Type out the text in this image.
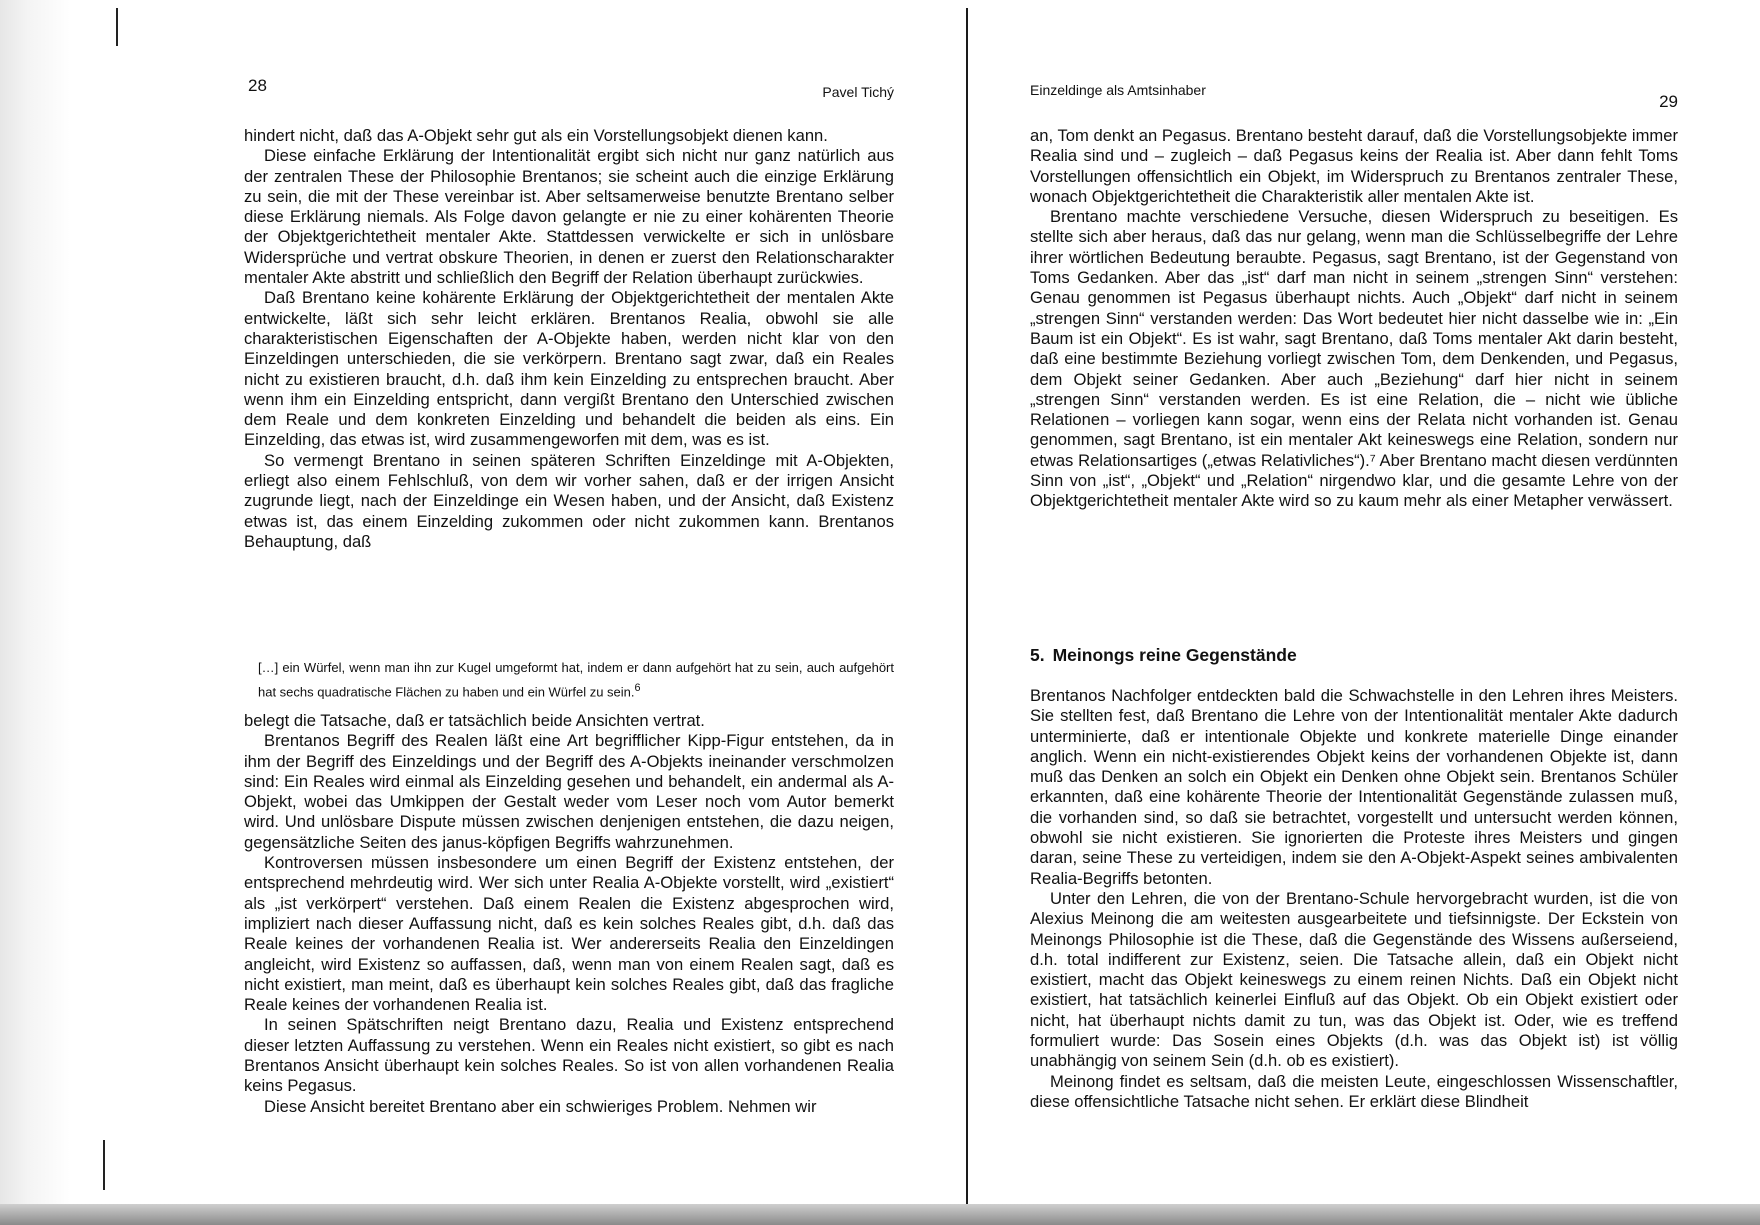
28	Pavel Tichý

hindert nicht, daß das A-Objekt sehr gut als ein Vorstellungsobjekt dienen kann.

Diese einfache Erklärung der Intentionalität ergibt sich nicht nur ganz natürlich aus der zentralen These der Philosophie Brentanos; sie scheint auch die einzige Erklärung zu sein, die mit der These vereinbar ist. Aber seltsamerweise benutzte Brentano selber diese Erklärung niemals. Als Folge davon gelangte er nie zu einer kohärenten Theorie der Objektgerichtetheit mentaler Akte. Stattdessen verwickelte er sich in unlösbare Widersprüche und vertrat obskure Theorien, in denen er zuerst den Relationscharakter mentaler Akte abstritt und schließlich den Begriff der Relation überhaupt zurückwies.

Daß Brentano keine kohärente Erklärung der Objektgerichtetheit der mentalen Akte entwickelte, läßt sich sehr leicht erklären. Brentanos Realia, obwohl sie alle charakteristischen Eigenschaften der A-Objekte haben, werden nicht klar von den Einzeldingen unterschieden, die sie verkörpern. Brentano sagt zwar, daß ein Reales nicht zu existieren braucht, d.h. daß ihm kein Einzelding zu entsprechen braucht. Aber wenn ihm ein Einzelding entspricht, dann vergißt Brentano den Unterschied zwischen dem Reale und dem konkreten Einzelding und behandelt die beiden als eins. Ein Einzelding, das etwas ist, wird zusammengeworfen mit dem, was es ist.

So vermengt Brentano in seinen späteren Schriften Einzeldinge mit A-Objekten, erliegt also einem Fehlschluß, von dem wir vorher sahen, daß er der irrigen Ansicht zugrunde liegt, nach der Einzeldinge ein Wesen haben, und der Ansicht, daß Existenz etwas ist, das einem Einzelding zukommen oder nicht zukommen kann. Brentanos Behauptung, daß

[…] ein Würfel, wenn man ihn zur Kugel umgeformt hat, indem er dann aufgehört hat zu sein, auch aufgehört hat sechs quadratische Flächen zu haben und ein Würfel zu sein.$^6$

belegt die Tatsache, daß er tatsächlich beide Ansichten vertrat.

Brentanos Begriff des Realen läßt eine Art begrifflicher Kipp-Figur entstehen, da in ihm der Begriff des Einzeldings und der Begriff des A-Objekts ineinander verschmolzen sind: Ein Reales wird einmal als Einzelding gesehen und behandelt, ein andermal als A-Objekt, wobei das Umkippen der Gestalt weder vom Leser noch vom Autor bemerkt wird. Und unlösbare Dispute müssen zwischen denjenigen entstehen, die dazu neigen, gegensätzliche Seiten des janus-köpfigen Begriffs wahrzunehmen.

Kontroversen müssen insbesondere um einen Begriff der Existenz entstehen, der entsprechend mehrdeutig wird. Wer sich unter Realia A-Objekte vorstellt, wird „existiert“ als „ist verkörpert“ verstehen. Daß einem Realen die Existenz abgesprochen wird, impliziert nach dieser Auffassung nicht, daß es kein solches Reales gibt, d.h. daß das Reale keines der vorhandenen Realia ist. Wer andererseits Realia den Einzeldingen angleicht, wird Existenz so auffassen, daß, wenn man von einem Realen sagt, daß es nicht existiert, man meint, daß es überhaupt kein solches Reales gibt, daß das fragliche Reale keines der vorhandenen Realia ist.

In seinen Spätschriften neigt Brentano dazu, Realia und Existenz entsprechend dieser letzten Auffassung zu verstehen. Wenn ein Reales nicht existiert, so gibt es nach Brentanos Ansicht überhaupt kein solches Reales. So ist von allen vorhandenen Realia keins Pegasus.

Diese Ansicht bereitet Brentano aber ein schwieriges Problem. Nehmen wir

Einzeldinge als Amtsinhaber
29

an, Tom denkt an Pegasus. Brentano besteht darauf, daß die Vorstellungsobjekte immer Realia sind und – zugleich – daß Pegasus keins der Realia ist. Aber dann fehlt Toms Vorstellungen offensichtlich ein Objekt, im Widerspruch zu Brentanos zentraler These, wonach Objektgerichtetheit die Charakteristik aller mentalen Akte ist.

Brentano machte verschiedene Versuche, diesen Widerspruch zu beseitigen. Es stellte sich aber heraus, daß das nur gelang, wenn man die Schlüsselbegriffe der Lehre ihrer wörtlichen Bedeutung beraubte. Pegasus, sagt Brentano, ist der Gegenstand von Toms Gedanken. Aber das „ist“ darf man nicht in seinem „strengen Sinn“ verstehen: Genau genommen ist Pegasus überhaupt nichts. Auch „Objekt“ darf nicht in seinem „strengen Sinn“ verstanden werden: Das Wort bedeutet hier nicht dasselbe wie in: „Ein Baum ist ein Objekt“. Es ist wahr, sagt Brentano, daß Toms mentaler Akt darin besteht, daß eine bestimmte Beziehung vorliegt zwischen Tom, dem Denkenden, und Pegasus, dem Objekt seiner Gedanken. Aber auch „Beziehung“ darf hier nicht in seinem „strengen Sinn“ verstanden werden. Es ist eine Relation, die – nicht wie übliche Relationen – vorliegen kann sogar, wenn eins der Relata nicht vorhanden ist. Genau genommen, sagt Brentano, ist ein mentaler Akt keineswegs eine Relation, sondern nur etwas Relationsartiges („etwas Relativliches“).⁷ Aber Brentano macht diesen verdünnten Sinn von „ist“, „Objekt“ und „Relation“ nirgendwo klar, und die gesamte Lehre von der Objektgerichtetheit mentaler Akte wird so zu kaum mehr als einer Metapher verwässert.

5. Meinongs reine Gegenstände

Brentanos Nachfolger entdeckten bald die Schwachstelle in den Lehren ihres Meisters. Sie stellten fest, daß Brentano die Lehre von der Intentionalität mentaler Akte dadurch unterminierte, daß er intentionale Objekte und konkrete materielle Dinge einander anglich. Wenn ein nicht-existierendes Objekt keins der vorhandenen Objekte ist, dann muß das Denken an solch ein Objekt ein Denken ohne Objekt sein. Brentanos Schüler erkannten, daß eine kohärente Theorie der Intentionalität Gegenstände zulassen muß, die vorhanden sind, so daß sie betrachtet, vorgestellt und untersucht werden können, obwohl sie nicht existieren. Sie ignorierten die Proteste ihres Meisters und gingen daran, seine These zu verteidigen, indem sie den A-Objekt-Aspekt seines ambivalenten Realia-Begriffs betonten.

Unter den Lehren, die von der Brentano-Schule hervorgebracht wurden, ist die von Alexius Meinong die am weitesten ausgearbeitete und tiefsinnigste. Der Eckstein von Meinongs Philosophie ist die These, daß die Gegenstände des Wissens außerseiend, d.h. total indifferent zur Existenz, seien. Die Tatsache allein, daß ein Objekt nicht existiert, macht das Objekt keineswegs zu einem reinen Nichts. Daß ein Objekt nicht existiert, hat tatsächlich keinerlei Einfluß auf das Objekt. Ob ein Objekt existiert oder nicht, hat überhaupt nichts damit zu tun, was das Objekt ist. Oder, wie es treffend formuliert wurde: Das Sosein eines Objekts (d.h. was das Objekt ist) ist völlig unabhängig von seinem Sein (d.h. ob es existiert).

Meinong findet es seltsam, daß die meisten Leute, eingeschlossen Wissenschaftler, diese offensichtliche Tatsache nicht sehen. Er erklärt diese Blindheit
